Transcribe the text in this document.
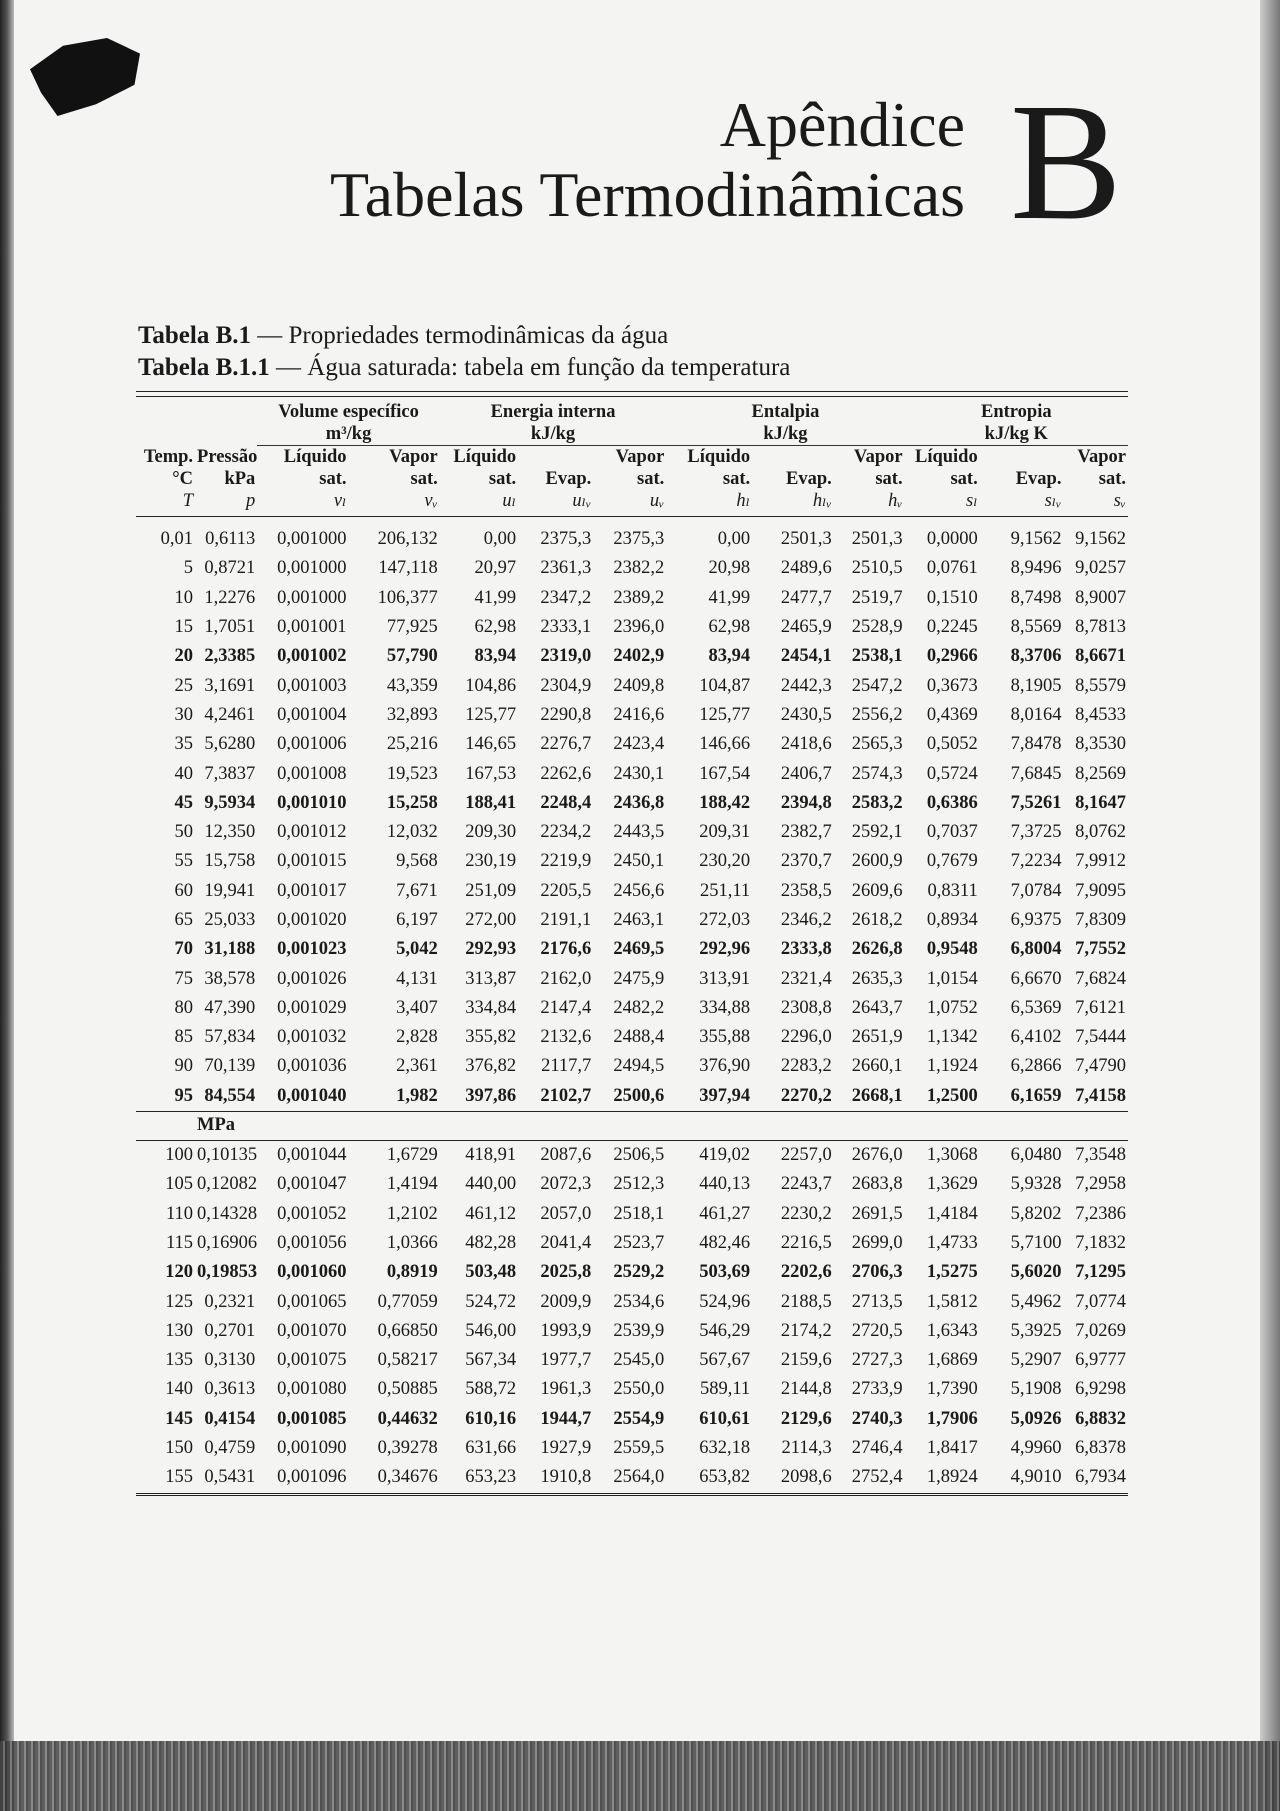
Apêndice
Tabelas Termodinâmicas B
Tabela B.1 — Propriedades termodinâmicas da água
Tabela B.1.1 — Água saturada: tabela em função da temperatura
		Volume específico		Energia interna			Entalpia			Entropia		
		m³/kg		kJ/kg			kJ/kg			kJ/kg K		
Temp.	Pressão	Líquido	Vapor	Líquido		Vapor	Líquido		Vapor	Líquido		Vapor
°C	kPa	sat.	sat.	sat.	Evap.	sat.	sat.	Evap.	sat.	sat.	Evap.	sat.
T	p	vₗ	vᵥ	uₗ	uₗᵥ	uᵥ	hₗ	hₗᵥ	hᵥ	sₗ	sₗᵥ	sᵥ
0,01	0,6113	0,001000	206,132	0,00	2375,3	2375,3	0,00	2501,3	2501,3	0,0000	9,1562	9,1562
5	0,8721	0,001000	147,118	20,97	2361,3	2382,2	20,98	2489,6	2510,5	0,0761	8,9496	9,0257
10	1,2276	0,001000	106,377	41,99	2347,2	2389,2	41,99	2477,7	2519,7	0,1510	8,7498	8,9007
15	1,7051	0,001001	77,925	62,98	2333,1	2396,0	62,98	2465,9	2528,9	0,2245	8,5569	8,7813
20	2,3385	0,001002	57,790	83,94	2319,0	2402,9	83,94	2454,1	2538,1	0,2966	8,3706	8,6671
25	3,1691	0,001003	43,359	104,86	2304,9	2409,8	104,87	2442,3	2547,2	0,3673	8,1905	8,5579
30	4,2461	0,001004	32,893	125,77	2290,8	2416,6	125,77	2430,5	2556,2	0,4369	8,0164	8,4533
35	5,6280	0,001006	25,216	146,65	2276,7	2423,4	146,66	2418,6	2565,3	0,5052	7,8478	8,3530
40	7,3837	0,001008	19,523	167,53	2262,6	2430,1	167,54	2406,7	2574,3	0,5724	7,6845	8,2569
45	9,5934	0,001010	15,258	188,41	2248,4	2436,8	188,42	2394,8	2583,2	0,6386	7,5261	8,1647
50	12,350	0,001012	12,032	209,30	2234,2	2443,5	209,31	2382,7	2592,1	0,7037	7,3725	8,0762
55	15,758	0,001015	9,568	230,19	2219,9	2450,1	230,20	2370,7	2600,9	0,7679	7,2234	7,9912
60	19,941	0,001017	7,671	251,09	2205,5	2456,6	251,11	2358,5	2609,6	0,8311	7,0784	7,9095
65	25,033	0,001020	6,197	272,00	2191,1	2463,1	272,03	2346,2	2618,2	0,8934	6,9375	7,8309
70	31,188	0,001023	5,042	292,93	2176,6	2469,5	292,96	2333,8	2626,8	0,9548	6,8004	7,7552
75	38,578	0,001026	4,131	313,87	2162,0	2475,9	313,91	2321,4	2635,3	1,0154	6,6670	7,6824
80	47,390	0,001029	3,407	334,84	2147,4	2482,2	334,88	2308,8	2643,7	1,0752	6,5369	7,6121
85	57,834	0,001032	2,828	355,82	2132,6	2488,4	355,88	2296,0	2651,9	1,1342	6,4102	7,5444
90	70,139	0,001036	2,361	376,82	2117,7	2494,5	376,90	2283,2	2660,1	1,1924	6,2866	7,4790
95	84,554	0,001040	1,982	397,86	2102,7	2500,6	397,94	2270,2	2668,1	1,2500	6,1659	7,4158
	MPa											
100	0,10135	0,001044	1,6729	418,91	2087,6	2506,5	419,02	2257,0	2676,0	1,3068	6,0480	7,3548
105	0,12082	0,001047	1,4194	440,00	2072,3	2512,3	440,13	2243,7	2683,8	1,3629	5,9328	7,2958
110	0,14328	0,001052	1,2102	461,12	2057,0	2518,1	461,27	2230,2	2691,5	1,4184	5,8202	7,2386
115	0,16906	0,001056	1,0366	482,28	2041,4	2523,7	482,46	2216,5	2699,0	1,4733	5,7100	7,1832
120	0,19853	0,001060	0,8919	503,48	2025,8	2529,2	503,69	2202,6	2706,3	1,5275	5,6020	7,1295
125	0,2321	0,001065	0,77059	524,72	2009,9	2534,6	524,96	2188,5	2713,5	1,5812	5,4962	7,0774
130	0,2701	0,001070	0,66850	546,00	1993,9	2539,9	546,29	2174,2	2720,5	1,6343	5,3925	7,0269
135	0,3130	0,001075	0,58217	567,34	1977,7	2545,0	567,67	2159,6	2727,3	1,6869	5,2907	6,9777
140	0,3613	0,001080	0,50885	588,72	1961,3	2550,0	589,11	2144,8	2733,9	1,7390	5,1908	6,9298
145	0,4154	0,001085	0,44632	610,16	1944,7	2554,9	610,61	2129,6	2740,3	1,7906	5,0926	6,8832
150	0,4759	0,001090	0,39278	631,66	1927,9	2559,5	632,18	2114,3	2746,4	1,8417	4,9960	6,8378
155	0,5431	0,001096	0,34676	653,23	1910,8	2564,0	653,82	2098,6	2752,4	1,8924	4,9010	6,7934
